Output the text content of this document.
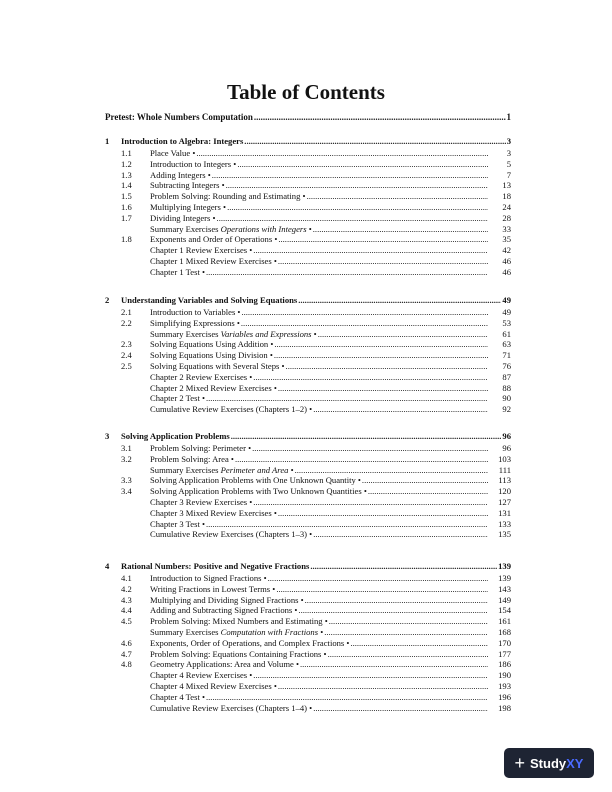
Table of Contents
Pretest: Whole Numbers Computation .....	1
1	Introduction to Algebra: Integers .....	3
1.1	Place Value • .....	3
1.2	Introduction to Integers • .....	5
1.3	Adding Integers • .....	7
1.4	Subtracting Integers • .....	13
1.5	Problem Solving: Rounding and Estimating • .....	18
1.6	Multiplying Integers • .....	24
1.7	Dividing Integers • .....	28
Summary Exercises Operations with Integers • .....	33
1.8	Exponents and Order of Operations • .....	35
Chapter 1 Review Exercises • .....	42
Chapter 1 Mixed Review Exercises • .....	46
Chapter 1 Test • .....	46
2	Understanding Variables and Solving Equations .....	49
2.1	Introduction to Variables • .....	49
2.2	Simplifying Expressions • .....	53
Summary Exercises Variables and Expressions • .....	61
2.3	Solving Equations Using Addition • .....	63
2.4	Solving Equations Using Division • .....	71
2.5	Solving Equations with Several Steps • .....	76
Chapter 2 Review Exercises • .....	87
Chapter 2 Mixed Review Exercises • .....	88
Chapter 2 Test • .....	90
Cumulative Review Exercises (Chapters 1–2) • .....	92
3	Solving Application Problems .....	96
3.1	Problem Solving: Perimeter • .....	96
3.2	Problem Solving: Area • .....	103
Summary Exercises Perimeter and Area • .....	111
3.3	Solving Application Problems with One Unknown Quantity • .....	113
3.4	Solving Application Problems with Two Unknown Quantities • .....	120
Chapter 3 Review Exercises • .....	127
Chapter 3 Mixed Review Exercises • .....	131
Chapter 3 Test • .....	133
Cumulative Review Exercises (Chapters 1–3) • .....	135
4	Rational Numbers: Positive and Negative Fractions .....	139
4.1	Introduction to Signed Fractions • .....	139
4.2	Writing Fractions in Lowest Terms • .....	143
4.3	Multiplying and Dividing Signed Fractions • .....	149
4.4	Adding and Subtracting Signed Fractions • .....	154
4.5	Problem Solving: Mixed Numbers and Estimating • .....	161
Summary Exercises Computation with Fractions • .....	168
4.6	Exponents, Order of Operations, and Complex Fractions • .....	170
4.7	Problem Solving: Equations Containing Fractions • .....	177
4.8	Geometry Applications: Area and Volume • .....	186
Chapter 4 Review Exercises • .....	190
Chapter 4 Mixed Review Exercises • .....	193
Chapter 4 Test • .....	196
Cumulative Review Exercises (Chapters 1–4) • .....	198
+ StudyXY
